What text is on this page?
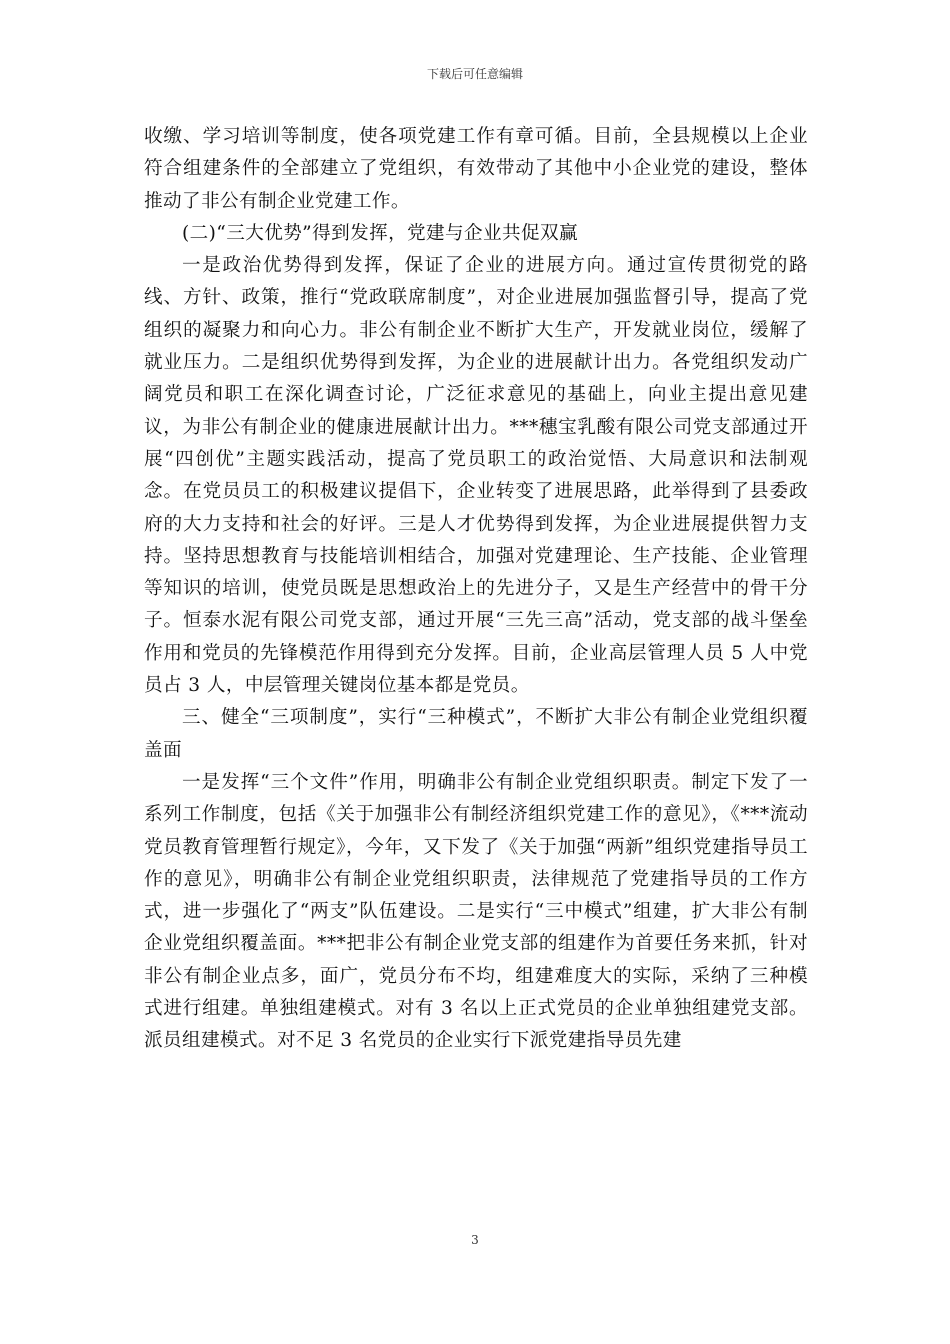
下载后可任意编辑

收缴、学习培训等制度，使各项党建工作有章可循。目前，全县规模以上企业符合组建条件的全部建立了党组织，有效带动了其他中小企业党的建设，整体推动了非公有制企业党建工作。

(二)“三大优势”得到发挥，党建与企业共促双赢

一是政治优势得到发挥，保证了企业的进展方向。通过宣传贯彻党的路线、方针、政策，推行“党政联席制度”，对企业进展加强监督引导，提高了党组织的凝聚力和向心力。非公有制企业不断扩大生产，开发就业岗位，缓解了就业压力。二是组织优势得到发挥，为企业的进展献计出力。各党组织发动广阔党员和职工在深化调查讨论，广泛征求意见的基础上，向业主提出意见建议，为非公有制企业的健康进展献计出力。***穗宝乳酸有限公司党支部通过开展“四创优”主题实践活动，提高了党员职工的政治觉悟、大局意识和法制观念。在党员员工的积极建议提倡下，企业转变了进展思路，此举得到了县委政府的大力支持和社会的好评。三是人才优势得到发挥，为企业进展提供智力支持。坚持思想教育与技能培训相结合，加强对党建理论、生产技能、企业管理等知识的培训，使党员既是思想政治上的先进分子，又是生产经营中的骨干分子。恒泰水泥有限公司党支部，通过开展“三先三高”活动，党支部的战斗堡垒作用和党员的先锋模范作用得到充分发挥。目前，企业高层管理人员 5 人中党员占 3 人，中层管理关键岗位基本都是党员。

三、健全“三项制度”，实行“三种模式”，不断扩大非公有制企业党组织覆盖面

一是发挥“三个文件”作用，明确非公有制企业党组织职责。制定下发了一系列工作制度，包括《关于加强非公有制经济组织党建工作的意见》，《***流动党员教育管理暂行规定》，今年，又下发了《关于加强“两新”组织党建指导员工作的意见》，明确非公有制企业党组织职责，法律规范了党建指导员的工作方式，进一步强化了“两支”队伍建设。二是实行“三中模式”组建，扩大非公有制企业党组织覆盖面。***把非公有制企业党支部的组建作为首要任务来抓，针对非公有制企业点多，面广，党员分布不均，组建难度大的实际，采纳了三种模式进行组建。单独组建模式。对有 3 名以上正式党员的企业单独组建党支部。派员组建模式。对不足 3 名党员的企业实行下派党建指导员先建

3
